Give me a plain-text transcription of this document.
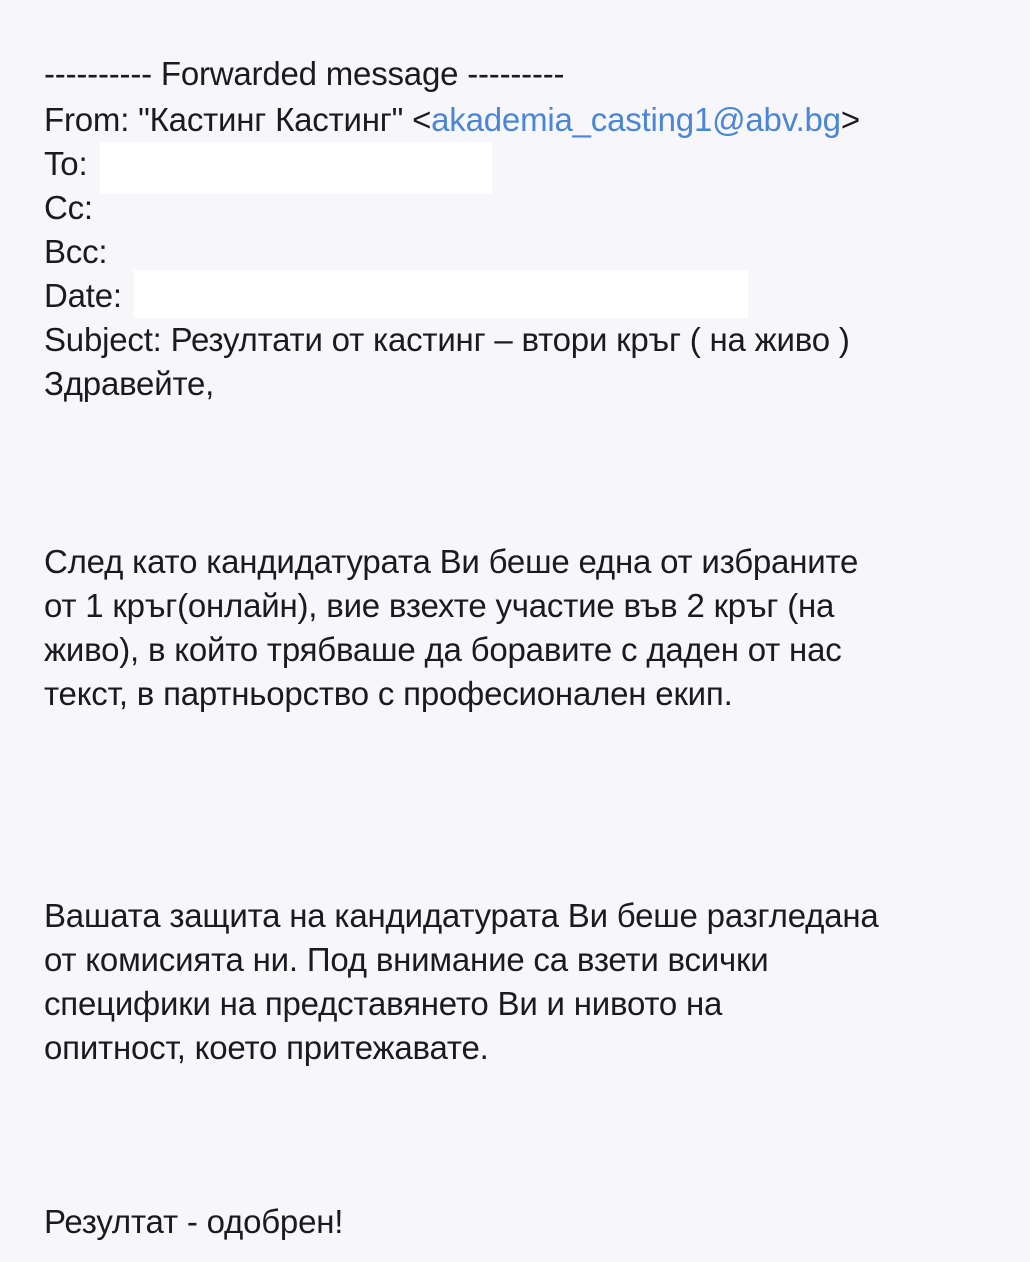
---------- Forwarded message ---------
From: "Кастинг Кастинг" <akademia_casting1@abv.bg>
To:
Cc:
Bcc:
Date:
Subject: Резултати от кастинг – втори кръг ( на живо )
Здравейте,
След като кандидатурата Ви беше една от избраните
от 1 кръг(онлайн), вие взехте участие във 2 кръг (на
живо), в който трябваше да боравите с даден от нас
текст, в партньорство с професионален екип.
Вашата защита на кандидатурата Ви беше разгледана
от комисията ни. Под внимание са взети всички
специфики на представянето Ви и нивото на
опитност, което притежавате.
Резултат - одобрен!
